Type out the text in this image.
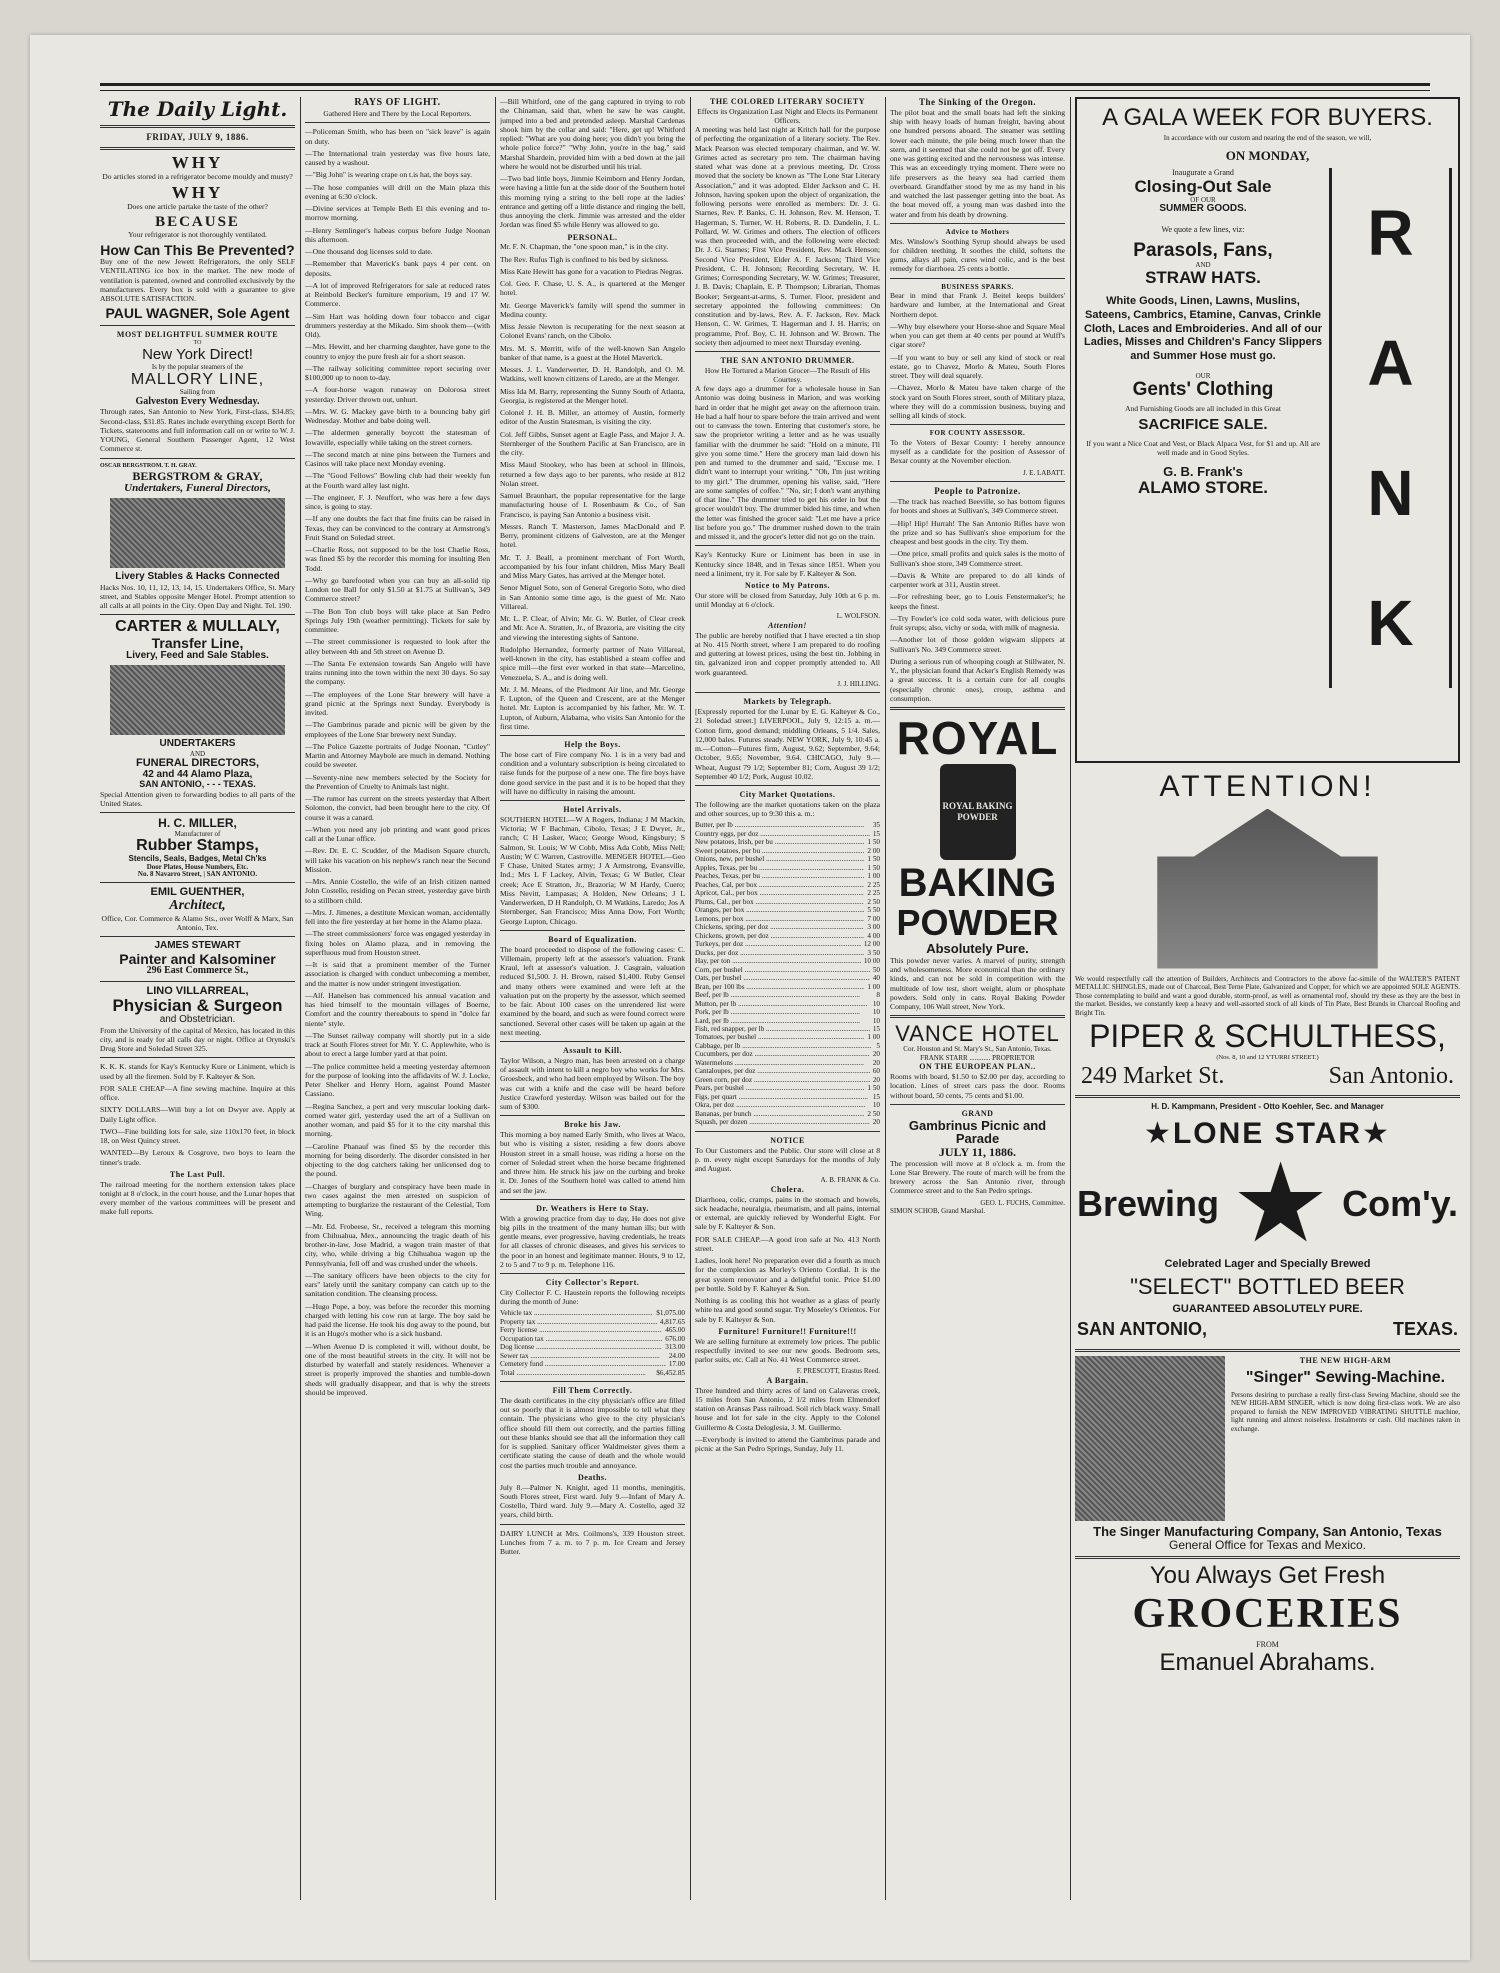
The Daily Light.
FRIDAY, JULY 9, 1886.
WHY

Do articles stored in a refrigerator become mouldy and musty?

WHY

Does one article partake the taste of the other?

BECAUSE

Your refrigerator is not thoroughly ventilated.

How Can This Be Prevented?

Buy one of the new Jewett Refrigerators, the only SELF VENTILATING ice box in the market. The new mode of ventilation is patented, owned and controlled exclusively by the manufacturers. Every box is sold with a guarantee to give ABSOLUTE SATISFACTION.

PAUL WAGNER, Sole Agent
MOST DELIGHTFUL SUMMER ROUTE
TO
New York Direct!
Is by the popular steamers of the
MALLORY LINE,
Sailing from
Galveston Every Wednesday.

Through rates, San Antonio to New York, First-class, $34.85; Second-class, $31.85. Rates include everything except Berth for Tickets, staterooms and full information call on or write to W. J. YOUNG, General Southern Passenger Agent, 12 West Commerce st.

OSCAR BERGSTROM. T. H. GRAY.
BERGSTROM & GRAY,
Undertakers, Funeral Directors,
Livery Stables & Hacks Connected

Hacks Nos. 10, 11, 12, 13, 14, 15. Undertakers Office, St. Mary street, and Stables opposite Menger Hotel. Prompt attention to all calls at all points in the City. Open Day and Night. Tel. 190.

CARTER & MULLALY,
Transfer Line,
Livery, Feed and Sale Stables.
UNDERTAKERS
AND
FUNERAL DIRECTORS,
42 and 44 Alamo Plaza,
SAN ANTONIO, - - - TEXAS.

Special Attention given to forwarding bodies to all parts of the United States.

H. C. MILLER,
Manufacturer of
Rubber Stamps,
Stencils, Seals, Badges, Metal Ch'ks
Door Plates, House Numbers, Etc.
No. 8 Navarro Street, | SAN ANTONIO.
EMIL GUENTHER,
Architect,

Office, Cor. Commerce & Alamo Sts., over Wolff & Marx, San Antonio, Tex.

JAMES STEWART
Painter and Kalsominer
296 East Commerce St.,
LINO VILLARREAL,
Physician & Surgeon
and Obstetrician.

From the University of the capital of Mexico, has located in this city, and is ready for all calls day or night. Office at Orynski's Drug Store and Soledad Street 325.

K. K. K. stands for Kay's Kentucky Kure or Liniment, which is used by all the firemen. Sold by F. Kalteyer & Son.

FOR SALE CHEAP—A fine sewing machine. Inquire at this office.

SIXTY DOLLARS—Will buy a lot on Dwyer ave. Apply at Daily Light office.

TWO—Fine building lots for sale, size 110x170 feet, in block 18, on West Quincy street.

WANTED—By Leroux & Cosgrove, two boys to learn the tinner's trade.

The Last Pull.

The railroad meeting for the northern extension takes place tonight at 8 o'clock, in the court house, and the Lunar hopes that every member of the various committees will be present and make full reports.

RAYS OF LIGHT.
Gathered Here and There by the Local Reporters.

—Policeman Smith, who has been on "sick leave" is again on duty.

—The International train yesterday was five hours late, caused by a washout.

—"Big John" is wearing crape on t.is hat, the boys say.

—The hose companies will drill on the Main plaza this evening at 6:30 o'clock.

—Divine services at Temple Beth El this evening and to-morrow morning.

—Henry Semlinger's habeas corpus before Judge Noonan this afternoon.

—One thousand dog licenses sold to date.

—Remember that Maverick's bank pays 4 per cent. on deposits.

—A lot of improved Refrigerators for sale at reduced rates at Reinbold Becker's furniture emporium, 19 and 17 W. Commerce.

—Sim Hart was holding down four tobacco and cigar drummers yesterday at the Mikado. Sim shook them—(with Old).

—Mrs. Hewitt, and her charming daughter, have gone to the country to enjoy the pure fresh air for a short season.

—The railway soliciting committee report securing over $100,000 up to noon to-day.

—A four-horse wagon runaway on Dolorosa street yesterday. Driver thrown out, unhurt.

—Mrs. W. G. Mackey gave birth to a bouncing baby girl Wednesday. Mother and babe doing well.

—The aldermen generally boycott the statesman of Iowaville, especially while taking on the street corners.

—The second match at nine pins between the Turners and Casinos will take place next Monday evening.

—The "Good Fellows" Bowling club had their weekly fun at the Fourth ward alley last night.

—The engineer, F. J. Neuffort, who was here a few days since, is going to stay.

—If any one doubts the fact that fine fruits can be raised in Texas, they can be convinced to the contrary at Armstrong's Fruit Stand on Soledad street.

—Charlie Ross, not supposed to be the lost Charlie Ross, was fined $5 by the recorder this morning for insulting Ben Todd.

—Why go barefooted when you can buy an all-solid tip London toe Ball for only $1.50 at $1.75 at Sullivan's, 349 Commerce street?

—The Bon Ton club boys will take place at San Pedro Springs July 19th (weather permitting). Tickets for sale by committee.

—The street commissioner is requested to look after the alley between 4th and 5th street on Avenue D.

—The Santa Fe extension towards San Angelo will have trains running into the town within the next 30 days. So say the company.

—The employees of the Lone Star brewery will have a grand picnic at the Springs next Sunday. Everybody is invited.

—The Gambrinus parade and picnic will be given by the employees of the Lone Star brewery next Sunday.

—The Police Gazette portraits of Judge Noonan, "Cutley" Martin and Attorney Maybole are much in demand. Nothing could be sweeter.

—Seventy-nine new members selected by the Society for the Prevention of Cruelty to Animals last night.

—The rumor has current on the streets yesterday that Albert Solomon, the convict, had been brought here to the city. Of course it was a canard.

—When you need any job printing and want good prices call at the Lunar office.

—Rev. Dr. E. C. Scudder, of the Madison Square church, will take his vacation on his nephew's ranch near the Second Mission.

—Mrs. Annie Costello, the wife of an Irish citizen named John Costello, residing on Pecan street, yesterday gave birth to a stillborn child.

—Mrs. J. Jimenes, a destitute Mexican woman, accidentally fell into the fire yesterday at her home in the Alamo plaza.

—The street commissioners' force was engaged yesterday in fixing holes on Alamo plaza, and in removing the superfluous mud from Houston street.

—It is said that a prominent member of the Turner association is charged with conduct unbecoming a member, and the matter is now under stringent investigation.

—Alf. Hanelsen has commenced his annual vacation and has hied himself to the mountain villages of Boerne, Comfort and the country thereabouts to spend in "dolce far niente" style.

—The Sunset railway company will shortly put in a side track at South Flores street for Mr. Y. C. Applewhite, who is about to erect a large lumber yard at that point.

—The police committee held a meeting yesterday afternoon for the purpose of looking into the affidavits of W. J. Locke, Peter Shelker and Henry Horn, against Pound Master Cassiano.

—Regina Sanchez, a pert and very muscular looking dark-corned water girl, yesterday used the art of a Sullivan on another woman, and paid $5 for it to the city marshal this morning.

—Caroline Phanauf was fined $5 by the recorder this morning for being disorderly. The disorder consisted in her objecting to the dog catchers taking her unlicensed dog to the pound.

—Charges of burglary and conspiracy have been made in two cases against the men arrested on suspicion of attempting to burglarize the restaurant of the Celestial, Tom Wing.

—Mr. Ed. Frobeese, Sr., received a telegram this morning from Chihuahua, Mex., announcing the tragic death of his brother-in-law, Jose Madrid, a wagon train master of that city, who, while driving a big Chihuahua wagon up the Pennsylvania, fell off and was crushed under the wheels.

—The sanitary officers have been objects to the city for ears" lately until the sanitary company can catch up to the sanitation condition. The cleansing process.

—Hugo Pope, a boy, was before the recorder this morning charged with letting his cow run at large. The boy said he had paid the license. He took his dog away to the pound, but it is an Hugo's mother who is a sick husband.

—When Avenue D is completed it will, without doubt, be one of the most beautiful streets in the city. It will not be disturbed by waterfall and stately residences. Whenever a street is properly improved the shanties and tumble-down sheds will gradually disappear, and that is why the streets should be improved.

—Bill Whitford, one of the gang captured in trying to rob the Chinaman, said that, when he saw he was caught, jumped into a bed and pretended asleep. Marshal Cardenas shook him by the collar and said: "Here, get up! Whitford replied: "What are you doing here; you didn't you bring the whole police force?" "Why John, you're in the bag," said Marshal Shardein, provided him with a bed down at the jail where he would not be disturbed until his trial.

—Two bad little boys, Jimmie Keimborn and Henry Jordan, were having a little fun at the side door of the Southern hotel this morning tying a string to the bell rope at the ladies' entrance and getting off a little distance and ringing the bell, thus annoying the clerk. Jimmie was arrested and the elder Jordan was fined $5 while Henry was allowed to go.

PERSONAL.

Mr. F. N. Chapman, the "one spoon man," is in the city.

The Rev. Rufus Tigh is confined to his bed by sickness.

Miss Kate Hewitt has gone for a vacation to Piedras Negras.

Col. Geo. F. Chase, U. S. A., is quartered at the Menger hotel.

Mr. George Maverick's family will spend the summer in Medina county.

Miss Jessie Newton is recuperating for the next season at Colonel Evans' ranch, on the Cibolo.

Mrs. M. S. Merritt, wife of the well-known San Angelo banker of that name, is a guest at the Hotel Maverick.

Messrs. J. L. Vanderwerter, D. H. Randolph, and O. M. Watkins, well known citizens of Laredo, are at the Menger.

Miss Ida M. Barry, representing the Sunny South of Atlanta, Georgia, is registered at the Menger hotel.

Colonel J. H. B. Miller, an attorney of Austin, formerly editor of the Austin Statesman, is visiting the city.

Col. Jeff Gibbs, Sunset agent at Eagle Pass, and Major J. A. Sternberger of the Southern Pacific at San Francisco, are in the city.

Miss Maud Stookey, who has been at school in Illinois, returned a few days ago to her parents, who reside at 812 Nolan street.

Samuel Braunhart, the popular representative for the large manufacturing house of I. Rosenbaum & Co., of San Francisco, is paying San Antonio a business visit.

Messrs. Ranch T. Masterson, James MacDonald and P. Berry, prominent citizens of Galveston, are at the Menger hotel.

Mr. T. J. Beall, a prominent merchant of Fort Worth, accompanied by his four infant children, Miss Mary Beall and Miss Mary Gates, has arrived at the Menger hotel.

Senor Miguel Soto, son of General Gregorio Soto, who died in San Antonio some time ago, is the guest of Mr. Nato Villareal.

Mr. L. P. Clear, of Alvin; Mr. G. W. Butler, of Clear creek and Mr. Ace A. Stratten, Jr., of Brazoria, are visiting the city and viewing the interesting sights of Santone.

Rudolpho Hernandez, formerly partner of Nato Villareal, well-known in the city, has established a steam coffee and spice mill—the first ever worked in that state—Marcelino, Venezuela, S. A., and is doing well.

Mr. J. M. Means, of the Piedmont Air line, and Mr. George F. Lupton, of the Queen and Crescent, are at the Menger hotel. Mr. Lupton is accompanied by his father, Mr. W. T. Lupton, of Auburn, Alabama, who visits San Antonio for the first time.

Help the Boys.

The hose cart of Fire company No. 1 is in a very bad and condition and a voluntary subscription is being circulated to raise funds for the purpose of a new one. The fire boys have done good service in the past and it is to be hoped that they will have no difficulty in raising the amount.

Hotel Arrivals.

SOUTHERN HOTEL—W A Rogers, Indiana; J M Mackin, Victoria; W F Bachman, Cibolo, Texas; J E Dwyer, Jr., ranch; C H Lasker, Waco; George Wood, Kingsbury; S Salmon, St. Louis; W W Cobb, Miss Ada Cobb, Miss Nell; Austin; W C Warren, Castroville. MENGER HOTEL—Geo F Chase, United States army; J A Armstrong, Evansville, Ind.; Mrs L F Lackey, Alvin, Texas; G W Butler, Clear creek; Ace E Stratton, Jr., Brazoria; W M Hardy, Cuero; Miss Nevitt, Lampasas; A Holden, New Orleans; J L Vanderwerken, D H Randolph, O. M Watkins, Laredo; Jos A Sternberger, San Francisco; Miss Anna Dow, Fort Worth; George Lupton, Chicago.

Board of Equalization.

The board proceeded to dispose of the following cases: C. Villemain, property left at the assessor's valuation. Frank Kraul, left at assessor's valuation. J. Casgrain, valuation reduced $1,500. J. H. Brown, raised $1,400. Ruby Gensel and many others were examined and were left at the valuation put on the property by the assessor, which seemed to be fair. About 100 cases on the unrendered list were examined by the board, and such as were found correct were sanctioned. Several other cases will be taken up again at the next meeting.

Assault to Kill.

Taylor Wilson, a Negro man, has been arrested on a charge of assault with intent to kill a negro boy who works for Mrs. Groesbeck, and who had been employed by Wilson. The boy was cut with a knife and the case will be heard before Justice Crawford yesterday. Wilson was bailed out for the sum of $300.

Broke his Jaw.

This morning a boy named Early Smith, who lives at Waco, but who is visiting a sister, residing a few doors above Houston street in a small house, was riding a horse on the corner of Soledad street when the horse became frightened and threw him. He struck his jaw on the curbing and broke it. Dr. Jones of the Southern hotel was called to attend him and set the jaw.

Dr. Weathers is Here to Stay.

With a growing practice from day to day, He does not give big pills in the treatment of the many human ills; but with gentle means, ever progressive, having credentials, he treats for all classes of chronic diseases, and gives his services to the poor in an honest and legitimate manner. Hours, 9 to 12, 2 to 5 and 7 to 9 p. m. Telephone 116.

City Collector's Report.

City Collector F. C. Haustein reports the following receipts during the month of June:

Vehicle tax .....	$1,075.00
Property tax .....	4,817.65
Ferry license .....	465.00
Occupation tax .....	676.00
Dog license .....	313.00
Sewer tax .....	24.00
Cemetery fund .....	17.00
Total .....	$6,452.85
Fill Them Correctly.

The death certificates in the city physician's office are filled out so poorly that it is almost impossible to tell what they contain. The physicians who give to the city physician's office should fill them out correctly, and the parties filling out these blanks should see that all the information they call for is supplied. Sanitary officer Waldmeister gives them a certificate stating the cause of death and the whole would cost the parties much trouble and annoyance.

Deaths.

July 8.—Palmer N. Knight, aged 11 months, meningitis, South Flores street, First ward. July 9.—Infant of Mary A. Costello, Third ward. July 9.—Mary A. Costello, aged 32 years, child birth.

DAIRY LUNCH at Mrs. Coilmons's, 339 Houston street. Lunches from 7 a. m. to 7 p. m. Ice Cream and Jersey Butter.

THE COLORED LITERARY SOCIETY
Effects its Organization Last Night and Elects its Permanent Officers.

A meeting was held last night at Kritch hall for the purpose of perfecting the organization of a literary society. The Rev. Mack Pearson was elected temporary chairman, and W. W. Grimes acted as secretary pro tem. The chairman having stated what was done at a previous meeting, Dr. Cross moved that the society be known as "The Lone Star Literary Association," and it was adopted. Elder Jackson and C. H. Johnson, having spoken upon the object of organization, the following persons were enrolled as members: Dr. J. G. Starnes, Rev. P. Banks, C. H. Johnson, Rev. M. Henson, T. Hagerman, S. Turner, W. H. Roberts, R. D. Dandelin, J. L. Pollard, W. W. Grimes and others. The election of officers was then proceeded with, and the following were elected: Dr. J. G. Starnes; First Vice President, Rev. Mack Henson; Second Vice President, Elder A. F. Jackson; Third Vice President, C. H. Johnson; Recording Secretary, W. H. Grimes; Corresponding Secretary, W. W. Grimes; Treasurer, J. B. Davis; Chaplain, E. P. Thompson; Librarian, Thomas Booker; Sergeant-at-arms, S. Turner. Floor, president and secretary appointed the following committees: On constitution and by-laws, Rev. A. F. Jackson, Rev. Mack Henson, C. W. Grimes, T. Hagerman and J. H. Harris; on programme, Prof. Boy, C. H. Johnson and W. Brown. The society then adjourned to meet next Thursday evening.

THE SAN ANTONIO DRUMMER.
How He Tortured a Marion Grocer—The Result of His Courtesy.

A few days ago a drummer for a wholesale house in San Antonio was doing business in Marion, and was working hard in order that he might get away on the afternoon train. He had a half hour to spare before the train arrived and went out to canvass the town. Entering that customer's store, he saw the proprietor writing a letter and as he was usually familiar with the drummer he said: "Hold on a minute, I'll give you some time." Here the grocery man laid down his pen and turned to the drummer and said, "Excuse me. I didn't want to interrupt your writing." "Oh, I'm just writing to my girl." The drummer, opening his valise, said, "Here are some samples of coffee." "No, sir; I don't want anything of that line." The drummer tried to get his order in but the grocer wouldn't buy. The drummer bided his time, and when the letter was finished the grocer said: "Let me have a price list before you go." The drummer rushed down to the train and missed it, and the grocer's letter did not go on the train.

Kay's Kentucky Kure or Liniment has been in use in Kentucky since 1848, and in Texas since 1851. When you need a liniment, try it. For sale by F. Kalteyer & Son.

Notice to My Patrons.

Our store will be closed from Saturday, July 10th at 6 p. m. until Monday at 6 o'clock.

L. WOLFSON.
Attention!

The public are hereby notified that I have erected a tin shop at No. 415 North street, where I am prepared to do roofing and guttering at lowest prices, using the best tin. Jobbing in tin, galvanized iron and copper promptly attended to. All work guaranteed.

J. J. HILLING.
Markets by Telegraph.

[Expressly reported for the Lunar by E. G. Kalteyer & Co., 21 Soledad street.] LIVERPOOL, July 9, 12:15 a. m.—Cotton firm, good demand; middling Orleans, 5 1/4. Sales, 12,000 bales. Futures steady. NEW YORK, July 9, 10:45 a. m.—Cotton—Futures firm, August, 9.62; September, 9.64; October, 9.65; November, 9.64. CHICAGO, July 9.—Wheat, August 79 1/2; September 81; Corn, August 39 1/2; September 40 1/2; Pork, August 10.02.

City Market Quotations.

The following are the market quotations taken on the plaza and other sources, up to 9:30 this a. m.:

Butter, per lb .....	35
Country eggs, per doz .....	15
New potatoes, Irish, per bu .....	1 50
Sweet potatoes, per bu .....	2 00
Onions, new, per bushel .....	1 50
Apples, Texas, per bu .....	1 50
Peaches, Texas, per bu .....	1 00
Peaches, Cal, per box .....	2 25
Apricot, Cal., per box .....	2 25
Plums, Cal., per box .....	2 50
Oranges, per box .....	5 50
Lemons, per box .....	7 00
Chickens, spring, per doz .....	3 00
Chickens, grown, per doz .....	4 00
Turkeys, per doz .....	12 00
Ducks, per doz .....	3 50
Hay, per ton .....	10 00
Corn, per bushel .....	50
Oats, per bushel .....	40
Bran, per 100 lbs .....	1 00
Beef, per lb .....	8
Mutton, per lb .....	10
Pork, per lb .....	10
Lard, per lb .....	10
Fish, red snapper, per lb .....	15
Tomatoes, per bushel .....	1 00
Cabbage, per lb .....	5
Cucumbers, per doz .....	20
Watermelons .....	20
Cantaloupes, per doz .....	60
Green corn, per doz .....	20
Pears, per bushel .....	1 50
Figs, per quart .....	15
Okra, per doz .....	10
Bananas, per bunch .....	2 50
Squash, per dozen .....	20
NOTICE

To Our Customers and the Public. Our store will close at 8 p. m. every night except Saturdays for the months of July and August.

A. B. FRANK & Co.
Cholera.

Diarrhoea, colic, cramps, pains in the stomach and bowels, sick headache, neuralgia, rheumatism, and all pains, internal or external, are quickly relieved by Wonderful Eight. For sale by F. Kalteyer & Son.

FOR SALE CHEAP.—A good iron safe at No. 413 North street.

Ladies, look here! No preparation ever did a fourth as much for the complexion as Morley's Oriento Cordial. It is the great system renovator and a delightful tonic. Price $1.00 per bottle. Sold by F. Kalteyer & Son.

Nothing is as cooling this hot weather as a glass of pearly white tea and good sound sugar. Try Moseley's Orientos. For sale by F. Kalteyer & Son.

Furniture! Furniture!! Furniture!!!

We are selling furniture at extremely low prices. The public respectfully invited to see our new goods. Bedroom sets, parlor suits, etc. Call at No. 41 West Commerce street.

F. PRESCOTT, Erastus Reed.
A Bargain.

Three hundred and thirty acres of land on Calaveras creek, 15 miles from San Antonio, 2 1/2 miles from Elmendorf station on Aransas Pass railroad. Soil rich black waxy. Small house and lot for sale in the city. Apply to the Colonel Guillermo & Costa Deloglesia, J. M. Guillermo.

—Everybody is invited to attend the Gambrinus parade and picnic at the San Pedro Springs, Sunday, July 11.

The Sinking of the Oregon.

The pilot boat and the small boats had left the sinking ship with heavy loads of human freight, having about one hundred persons aboard. The steamer was settling lower each minute, the pile being much lower than the stern, and it seemed that she could not be got off. Every one was getting excited and the nervousness was intense. This was an exceedingly trying moment. There were no life preservers as the heavy sea had carried them overboard. Grandfather stood by me as my hand in his and watched the last passenger getting into the boat. As the boat moved off, a young man was dashed into the water and from his death by drowning.

Advice to Mothers

Mrs. Winslow's Soothing Syrup should always be used for children teething. It soothes the child, softens the gums, allays all pain, cures wind colic, and is the best remedy for diarrhoea. 25 cents a bottle.

BUSINESS SPARKS.

Bear in mind that Frank J. Beitel keeps builders' hardware and lumber, at the International and Great Northern depot.

—Why buy elsewhere your Horse-shoe and Square Meal when you can get them at 40 cents per pound at Wulff's cigar store?

—If you want to buy or sell any kind of stock or real estate, go to Chavez, Morlo & Mateu, South Flores street. They will deal squarely.

—Chavez, Morlo & Mateu have taken charge of the stock yard on South Flores street, south of Military plaza, where they will do a commission business, buying and selling all kinds of stock.

FOR COUNTY ASSESSOR.

To the Voters of Bexar County: I hereby announce myself as a candidate for the position of Assessor of Bexar county at the November election.

J. E. LABATT.
People to Patronize.

—The track has reached Beeville, so has bottom figures for boots and shoes at Sullivan's, 349 Commerce street.

—Hip! Hip! Hurrah! The San Antonio Rifles have won the prize and so has Sullivan's shoe emporium for the cheapest and best goods in the city. Try them.

—One price, small profits and quick sales is the motto of Sullivan's shoe store, 349 Commerce street.

—Davis & White are prepared to do all kinds of carpenter work at 311, Austin street.

—For refreshing beer, go to Louis Fenstermaker's; he keeps the finest.

—Try Fowler's ice cold soda water, with delicious pure fruit syrups; also, vichy or soda, with milk of magnesia.

—Another lot of those golden wigwam slippers at Sullivan's No. 349 Commerce street.

During a serious run of whooping cough at Stillwater, N. Y., the physician found that Acker's English Remedy was a great success. It is a certain cure for all coughs (especially chronic ones), croup, asthma and consumption.

ROYAL
ROYAL BAKING POWDER
BAKING
POWDER
Absolutely Pure.

This powder never varies. A marvel of purity, strength and wholesomeness. More economical than the ordinary kinds, and can not be sold in competition with the multitude of low test, short weight, alum or phosphate powders. Sold only in cans. Royal Baking Powder Company, 106 Wall street, New York.

VANCE HOTEL
Cor. Houston and St. Mary's St., San Antonio, Texas.
FRANK STARR ............ PROPRIETOR
ON THE EUROPEAN PLAN..

Rooms with board, $1.50 to $2.00 per day, according to location. Lines of street cars pass the door. Rooms without board, 50 cents, 75 cents and $1.00.

GRAND
Gambrinus Picnic and Parade
JULY 11, 1886.

The procession will move at 8 o'clock a. m. from the Lone Star Brewery. The route of march will be from the brewery across the San Antonio river, through Commerce street and to the San Pedro springs.

GEO. L. FUCHS, Committee.
SIMON SCHOB, Grand Marshal.
A GALA WEEK FOR BUYERS.
In accordance with our custom and nearing the end of the season, we will,
ON MONDAY,
Inaugurate a Grand
Closing-Out Sale
OF OUR
SUMMER GOODS.
We quote a few lines, viz:
Parasols, Fans,
AND
STRAW HATS.
White Goods, Linen, Lawns, Muslins, Sateens, Cambrics, Etamine, Canvas, Crinkle Cloth, Laces and Embroideries. And all of our Ladies, Misses and Children's Fancy Slippers and Summer Hose must go.
OUR
Gents' Clothing
And Furnishing Goods are all included in this Great
SACRIFICE SALE.
If you want a Nice Coat and Vest, or Black Alpaca Vest, for $1 and up. All are well made and in Good Styles.
G. B. Frank's
ALAMO STORE.
R
A
N
K
ATTENTION!

We would respectfully call the attention of Builders, Architects and Contractors to the above fac-simile of the WALTER'S PATENT METALLIC SHINGLES, made out of Charcoal, Best Terne Plate, Galvanized and Copper, for which we are appointed SOLE AGENTS. Those contemplating to build and want a good durable, storm-proof, as well as ornamental roof, should try these as they are the best in the market. Besides, we constantly keep a heavy and well-assorted stock of all kinds of Tin Plate, Best Brands in Charcoal Roofing and Bright Tin.

PIPER & SCHULTHESS,
(Nos. 8, 10 and 12 YTURRI STREET.)
249 Market St.	San Antonio.
H. D. Kampmann, President - Otto Koehler, Sec. and Manager
★LONE STAR★
Brewing ★ Com'y.
Celebrated Lager and Specially Brewed
"SELECT" BOTTLED BEER
GUARANTEED ABSOLUTELY PURE.
SAN ANTONIO,	TEXAS.
THE NEW HIGH-ARM
"Singer" Sewing-Machine.

Persons desiring to purchase a really first-class Sewing Machine, should see the NEW HIGH-ARM SINGER, which is now doing first-class work. We are also prepared to furnish the NEW IMPROVED VIBRATING SHUTTLE machine, light running and almost noiseless. Instalments or cash. Old machines taken in exchange.

The Singer Manufacturing Company, San Antonio, Texas
General Office for Texas and Mexico.
You Always Get Fresh
GROCERIES
FROM
Emanuel Abrahams.
